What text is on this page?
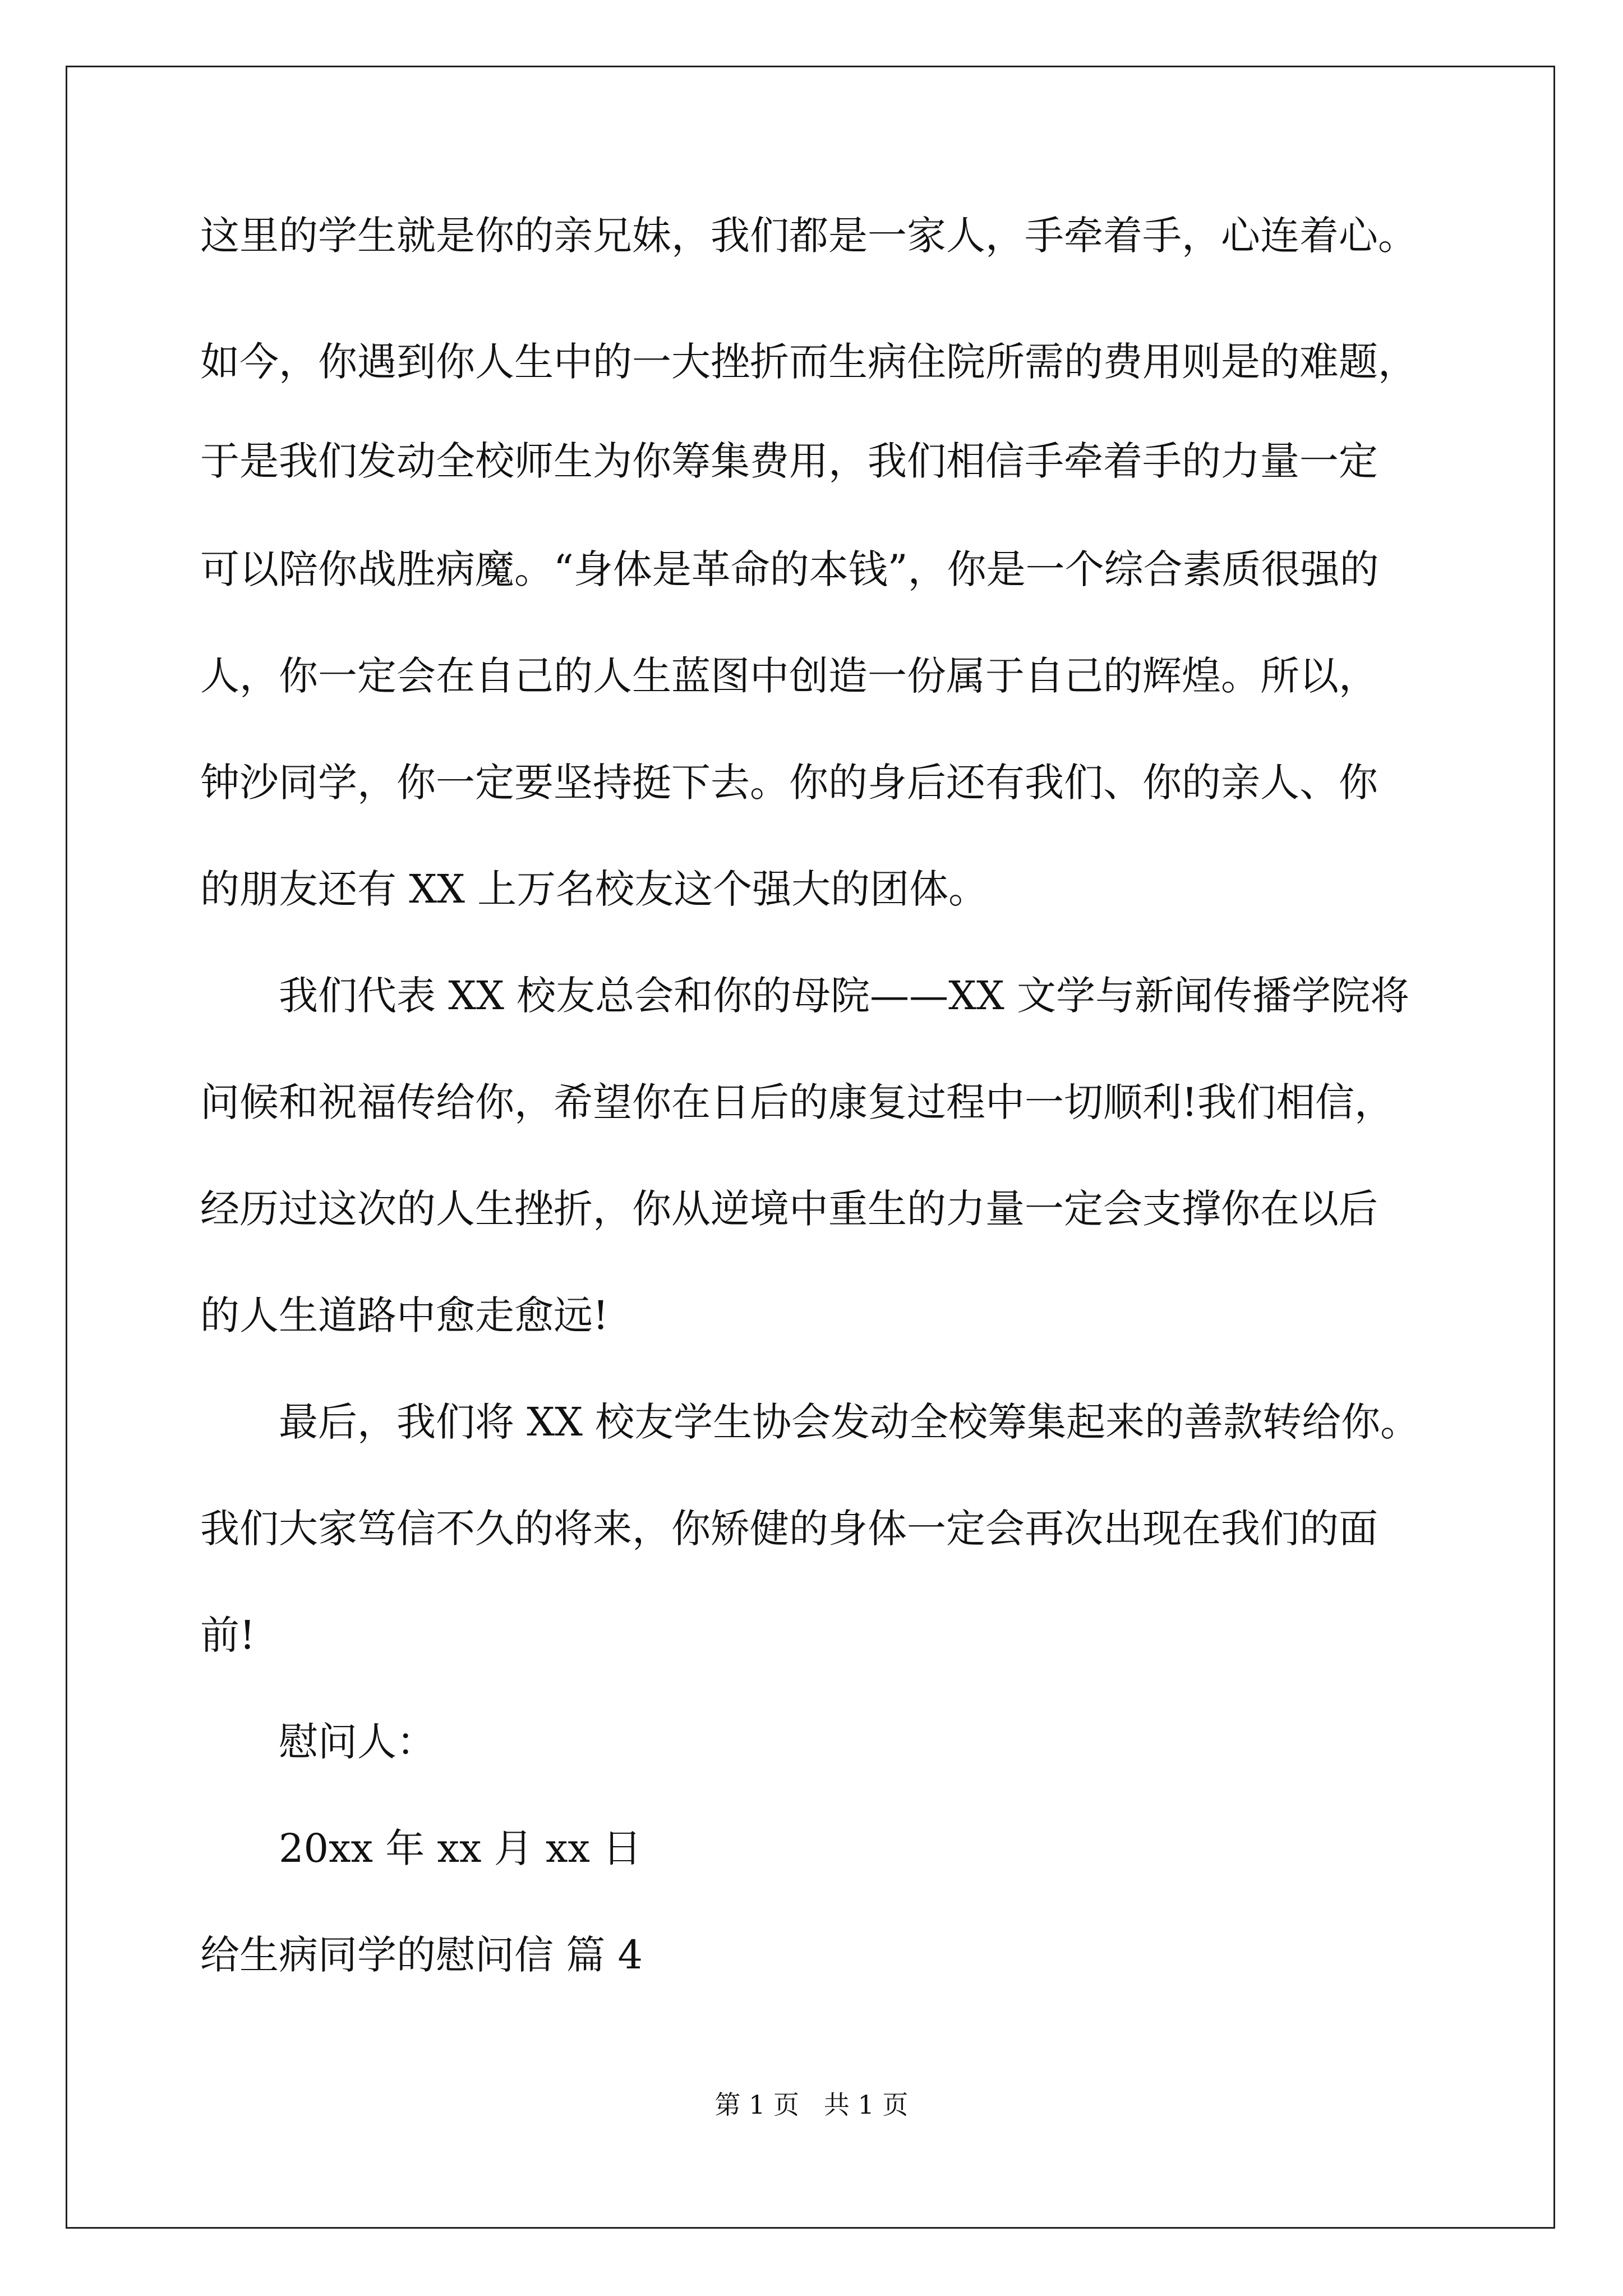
这里的学生就是你的亲兄妹，我们都是一家人，手牵着手，心连着心。
如今，你遇到你人生中的一大挫折而生病住院所需的费用则是的难题，
于是我们发动全校师生为你筹集费用，我们相信手牵着手的力量一定
可以陪你战胜病魔。“身体是革命的本钱”，你是一个综合素质很强的
人，你一定会在自己的人生蓝图中创造一份属于自己的辉煌。所以，
钟沙同学，你一定要坚持挺下去。你的身后还有我们、你的亲人、你
的朋友还有 XX 上万名校友这个强大的团体。
我们代表 XX 校友总会和你的母院——XX 文学与新闻传播学院将
问候和祝福传给你，希望你在日后的康复过程中一切顺利!我们相信，
经历过这次的人生挫折，你从逆境中重生的力量一定会支撑你在以后
的人生道路中愈走愈远!
最后，我们将 XX 校友学生协会发动全校筹集起来的善款转给你。
我们大家笃信不久的将来，你矫健的身体一定会再次出现在我们的面
前!
慰问人：
20xx 年 xx 月 xx 日
给生病同学的慰问信 篇 4
第 1 页   共 1 页
